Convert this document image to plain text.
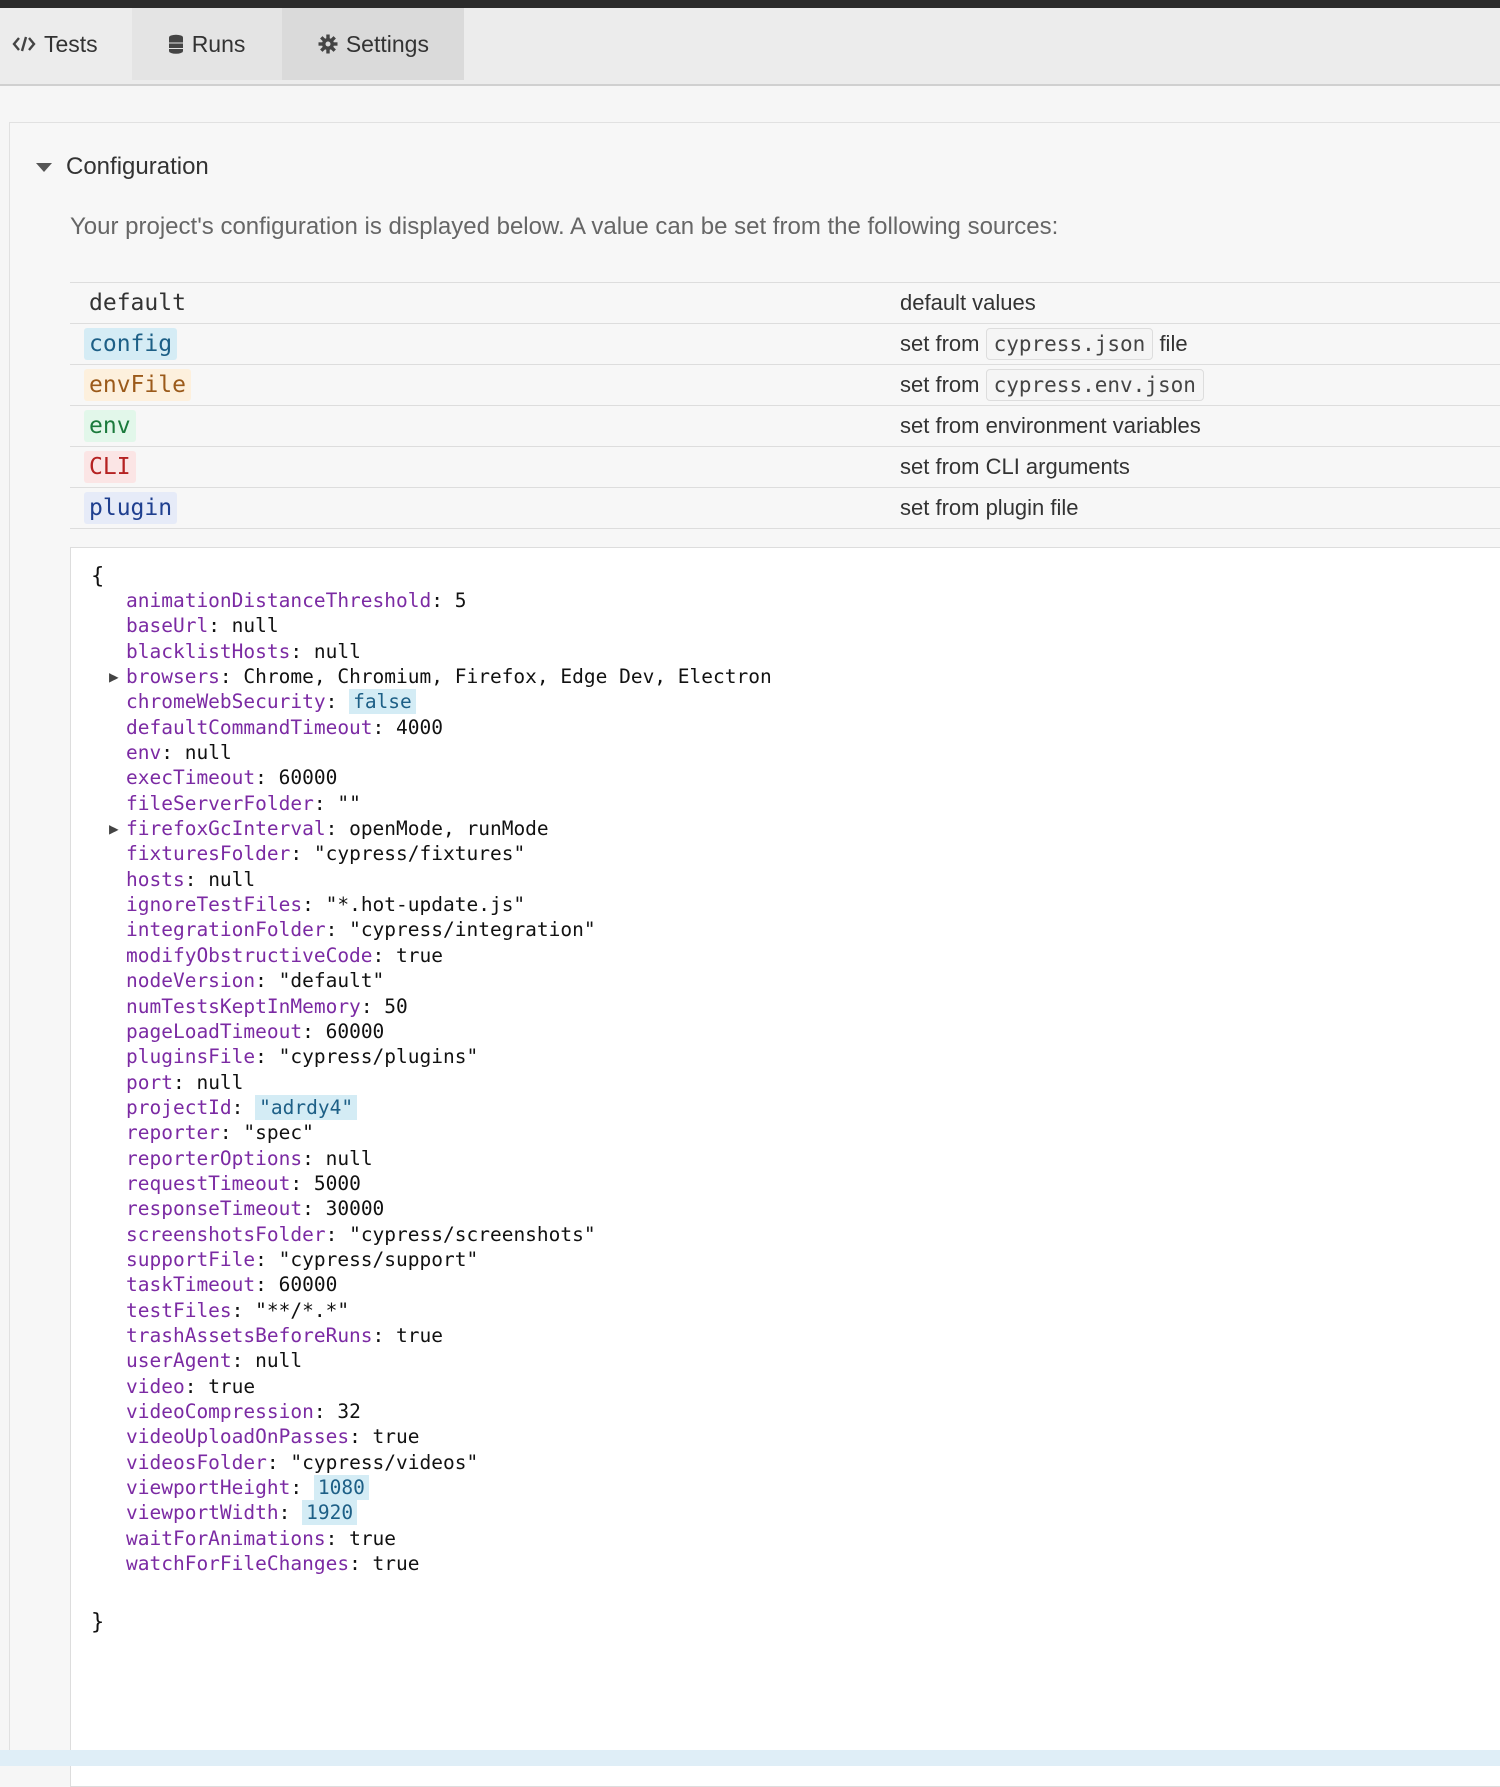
Tests	Runs	Settings
Configuration
Your project's configuration is displayed below. A value can be set from the following sources:
default	default values
config	set from cypress.json file
envFile	set from cypress.env.json
env	set from environment variables
CLI	set from CLI arguments
plugin	set from plugin file
{
animationDistanceThreshold: 5
baseUrl: null
blacklistHosts: null
▶ browsers: Chrome, Chromium, Firefox, Edge Dev, Electron
chromeWebSecurity: false
defaultCommandTimeout: 4000
env: null
execTimeout: 60000
fileServerFolder: ""
▶ firefoxGcInterval: openMode, runMode
fixturesFolder: "cypress/fixtures"
hosts: null
ignoreTestFiles: "*.hot-update.js"
integrationFolder: "cypress/integration"
modifyObstructiveCode: true
nodeVersion: "default"
numTestsKeptInMemory: 50
pageLoadTimeout: 60000
pluginsFile: "cypress/plugins"
port: null
projectId: "adrdy4"
reporter: "spec"
reporterOptions: null
requestTimeout: 5000
responseTimeout: 30000
screenshotsFolder: "cypress/screenshots"
supportFile: "cypress/support"
taskTimeout: 60000
testFiles: "**/*.*"
trashAssetsBeforeRuns: true
userAgent: null
video: true
videoCompression: 32
videoUploadOnPasses: true
videosFolder: "cypress/videos"
viewportHeight: 1080
viewportWidth: 1920
waitForAnimations: true
watchForFileChanges: true
}
